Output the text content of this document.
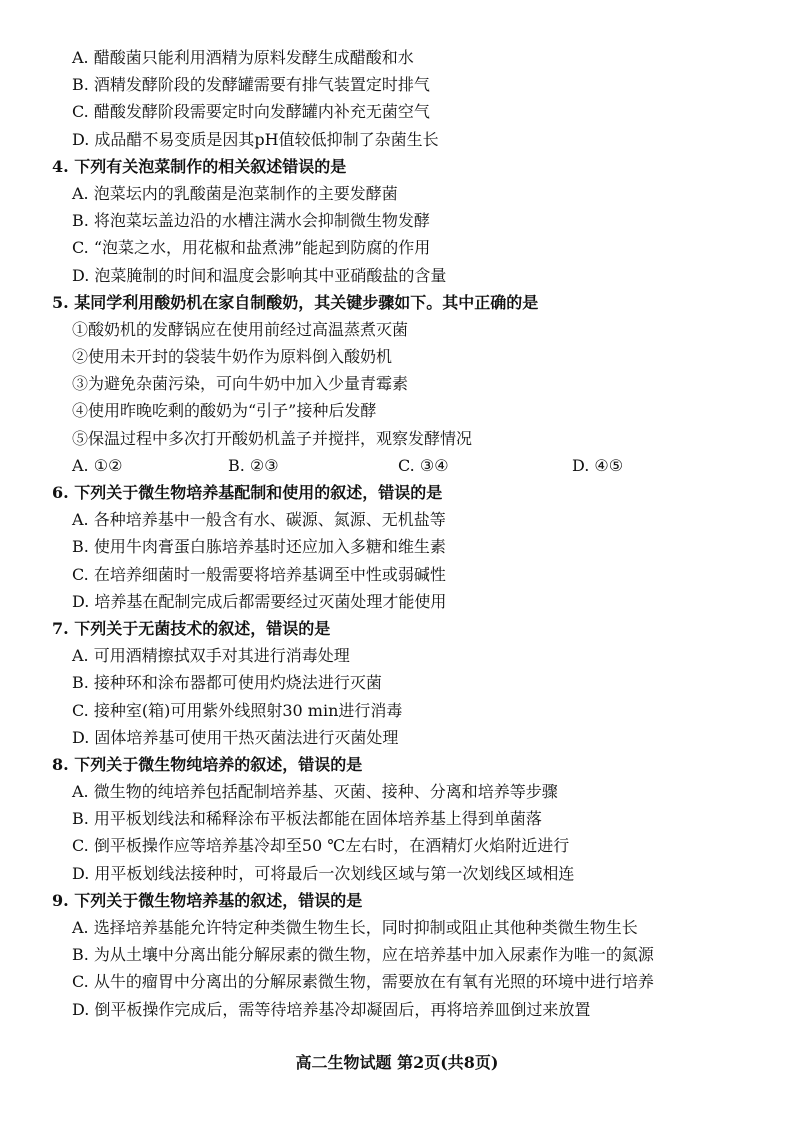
A. 醋酸菌只能利用酒精为原料发酵生成醋酸和水
B. 酒精发酵阶段的发酵罐需要有排气装置定时排气
C. 醋酸发酵阶段需要定时向发酵罐内补充无菌空气
D. 成品醋不易变质是因其pH值较低抑制了杂菌生长
4. 下列有关泡菜制作的相关叙述错误的是
A. 泡菜坛内的乳酸菌是泡菜制作的主要发酵菌
B. 将泡菜坛盖边沿的水槽注满水会抑制微生物发酵
C. “泡菜之水，用花椒和盐煮沸”能起到防腐的作用
D. 泡菜腌制的时间和温度会影响其中亚硝酸盐的含量
5. 某同学利用酸奶机在家自制酸奶，其关键步骤如下。其中正确的是
①酸奶机的发酵锅应在使用前经过高温蒸煮灭菌
②使用未开封的袋装牛奶作为原料倒入酸奶机
③为避免杂菌污染，可向牛奶中加入少量青霉素
④使用昨晚吃剩的酸奶为“引子”接种后发酵
⑤保温过程中多次打开酸奶机盖子并搅拌，观察发酵情况
A. ①②	B. ②③	C. ③④	D. ④⑤
6. 下列关于微生物培养基配制和使用的叙述，错误的是
A. 各种培养基中一般含有水、碳源、氮源、无机盐等
B. 使用牛肉膏蛋白胨培养基时还应加入多糖和维生素
C. 在培养细菌时一般需要将培养基调至中性或弱碱性
D. 培养基在配制完成后都需要经过灭菌处理才能使用
7. 下列关于无菌技术的叙述，错误的是
A. 可用酒精擦拭双手对其进行消毒处理
B. 接种环和涂布器都可使用灼烧法进行灭菌
C. 接种室(箱)可用紫外线照射30 min进行消毒
D. 固体培养基可使用干热灭菌法进行灭菌处理
8. 下列关于微生物纯培养的叙述，错误的是
A. 微生物的纯培养包括配制培养基、灭菌、接种、分离和培养等步骤
B. 用平板划线法和稀释涂布平板法都能在固体培养基上得到单菌落
C. 倒平板操作应等培养基冷却至50 ℃左右时，在酒精灯火焰附近进行
D. 用平板划线法接种时，可将最后一次划线区域与第一次划线区域相连
9. 下列关于微生物培养基的叙述，错误的是
A. 选择培养基能允许特定种类微生物生长，同时抑制或阻止其他种类微生物生长
B. 为从土壤中分离出能分解尿素的微生物，应在培养基中加入尿素作为唯一的氮源
C. 从牛的瘤胃中分离出的分解尿素微生物，需要放在有氧有光照的环境中进行培养
D. 倒平板操作完成后，需等待培养基冷却凝固后，再将培养皿倒过来放置
高二生物试题 第2页(共8页)
